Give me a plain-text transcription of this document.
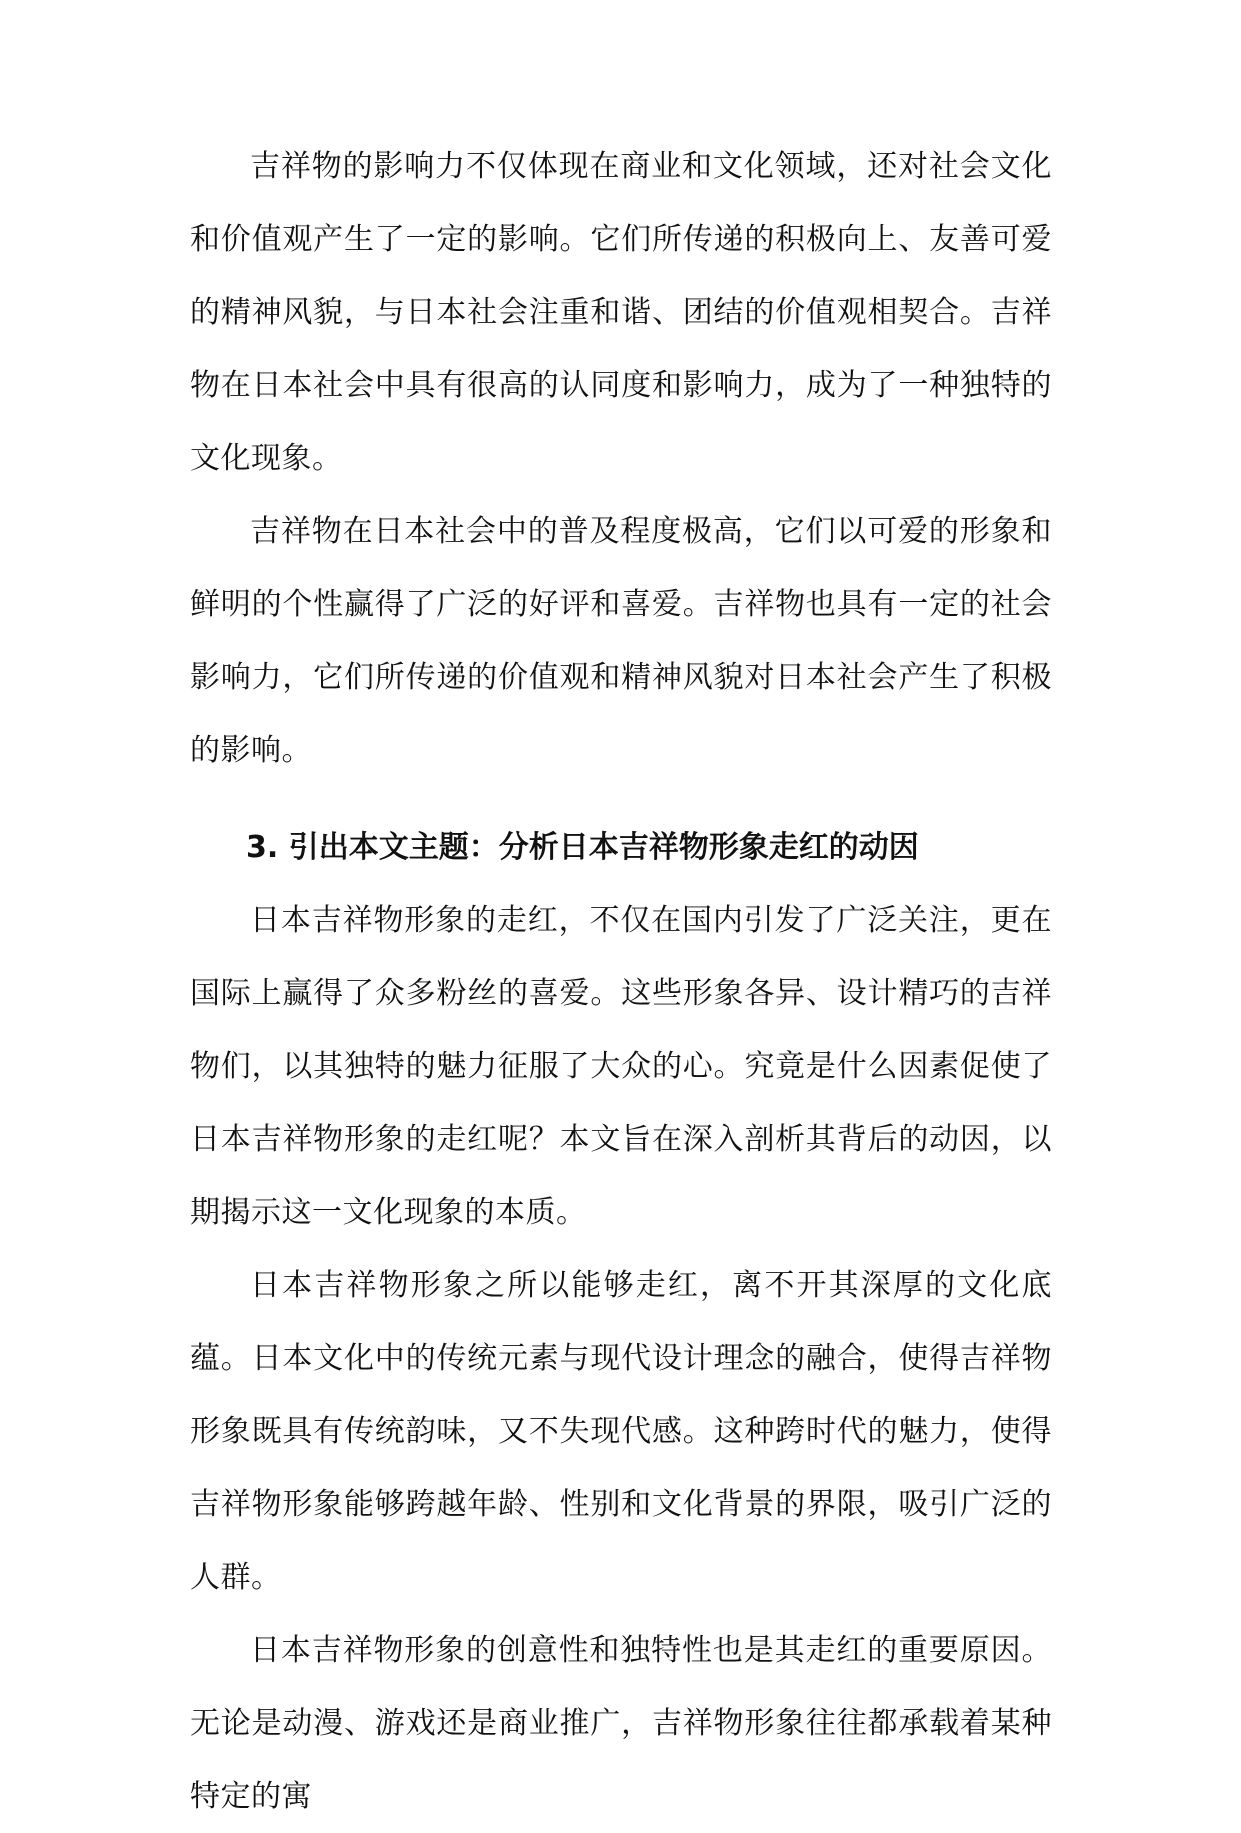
吉祥物的影响力不仅体现在商业和文化领域，还对社会文化和价值观产生了一定的影响。它们所传递的积极向上、友善可爱的精神风貌，与日本社会注重和谐、团结的价值观相契合。吉祥物在日本社会中具有很高的认同度和影响力，成为了一种独特的文化现象。

吉祥物在日本社会中的普及程度极高，它们以可爱的形象和鲜明的个性赢得了广泛的好评和喜爱。吉祥物也具有一定的社会影响力，它们所传递的价值观和精神风貌对日本社会产生了积极的影响。

3. 引出本文主题：分析日本吉祥物形象走红的动因

日本吉祥物形象的走红，不仅在国内引发了广泛关注，更在国际上赢得了众多粉丝的喜爱。这些形象各异、设计精巧的吉祥物们，以其独特的魅力征服了大众的心。究竟是什么因素促使了日本吉祥物形象的走红呢？本文旨在深入剖析其背后的动因，以期揭示这一文化现象的本质。

日本吉祥物形象之所以能够走红，离不开其深厚的文化底蕴。日本文化中的传统元素与现代设计理念的融合，使得吉祥物形象既具有传统韵味，又不失现代感。这种跨时代的魅力，使得吉祥物形象能够跨越年龄、性别和文化背景的界限，吸引广泛的人群。

日本吉祥物形象的创意性和独特性也是其走红的重要原因。无论是动漫、游戏还是商业推广，吉祥物形象往往都承载着某种特定的寓
